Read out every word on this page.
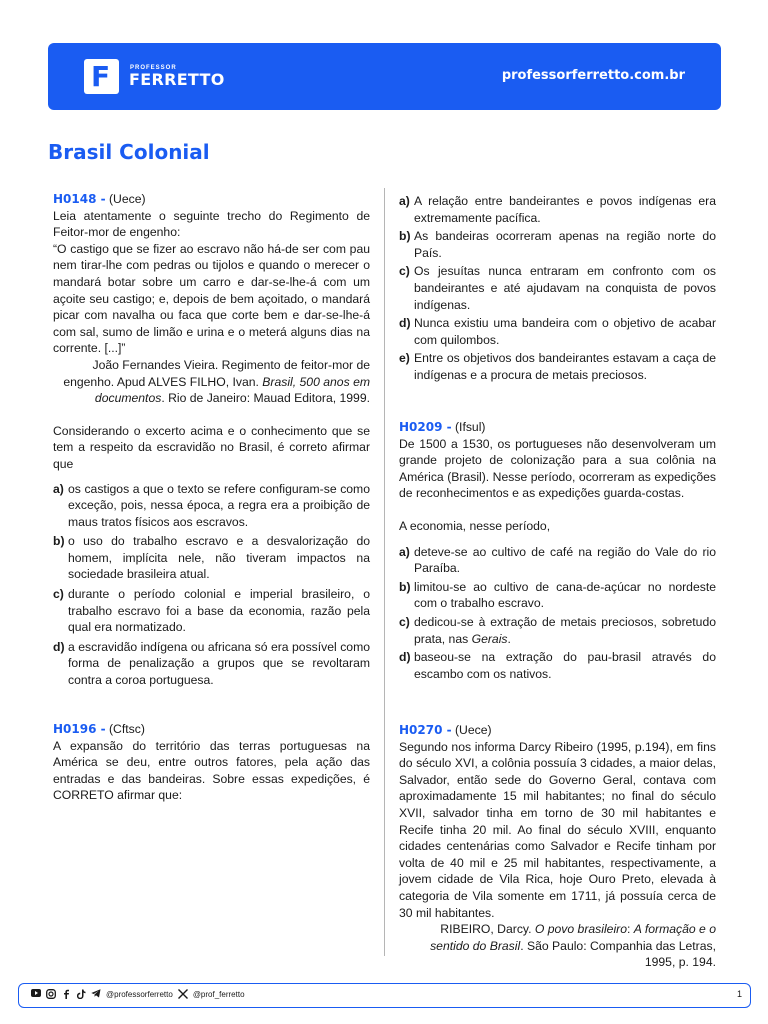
F	PROFESSOR
FERRETTO	professorferretto.com.br
Brasil Colonial

H0148 - (Uece)

Leia atentamente o seguinte trecho do Regimento de Feitor-mor de engenho:

“O castigo que se fizer ao escravo não há-de ser com pau nem tirar-lhe com pedras ou tijolos e quando o merecer o mandará botar sobre um carro e dar-se-lhe-á com um açoite seu castigo; e, depois de bem açoitado, o mandará picar com navalha ou faca que corte bem e dar-se-lhe-á com sal, sumo de limão e urina e o meterá alguns dias na corrente. [...]”

João Fernandes Vieira. Regimento de feitor-mor de engenho. Apud ALVES FILHO, Ivan. Brasil, 500 anos em documentos. Rio de Janeiro: Mauad Editora, 1999.

Considerando o excerto acima e o conhecimento que se tem a respeito da escravidão no Brasil, é correto afirmar que

a) os castigos a que o texto se refere configuram-se como exceção, pois, nessa época, a regra era a proibição de maus tratos físicos aos escravos.
b) o uso do trabalho escravo e a desvalorização do homem, implícita nele, não tiveram impactos na sociedade brasileira atual.
c) durante o período colonial e imperial brasileiro, o trabalho escravo foi a base da economia, razão pela qual era normatizado.
d) a escravidão indígena ou africana só era possível como forma de penalização a grupos que se revoltaram contra a coroa portuguesa.

H0196 - (Cftsc)

A expansão do território das terras portuguesas na América se deu, entre outros fatores, pela ação das entradas e das bandeiras. Sobre essas expedições, é CORRETO afirmar que:

a) A relação entre bandeirantes e povos indígenas era extremamente pacífica.
b) As bandeiras ocorreram apenas na região norte do País.
c) Os jesuítas nunca entraram em confronto com os bandeirantes e até ajudavam na conquista de povos indígenas.
d) Nunca existiu uma bandeira com o objetivo de acabar com quilombos.
e) Entre os objetivos dos bandeirantes estavam a caça de indígenas e a procura de metais preciosos.

H0209 - (Ifsul)

De 1500 a 1530, os portugueses não desenvolveram um grande projeto de colonização para a sua colônia na América (Brasil). Nesse período, ocorreram as expedições de reconhecimentos e as expedições guarda-costas.

A economia, nesse período,

a) deteve-se ao cultivo de café na região do Vale do rio Paraíba.
b) limitou-se ao cultivo de cana-de-açúcar no nordeste com o trabalho escravo.
c) dedicou-se à extração de metais preciosos, sobretudo prata, nas Gerais.
d) baseou-se na extração do pau-brasil através do escambo com os nativos.

H0270 - (Uece)

Segundo nos informa Darcy Ribeiro (1995, p.194), em fins do século XVI, a colônia possuía 3 cidades, a maior delas, Salvador, então sede do Governo Geral, contava com aproximadamente 15 mil habitantes; no final do século XVII, salvador tinha em torno de 30 mil habitantes e Recife tinha 20 mil. Ao final do século XVIII, enquanto cidades centenárias como Salvador e Recife tinham por volta de 40 mil e 25 mil habitantes, respectivamente, a jovem cidade de Vila Rica, hoje Ouro Preto, elevada à categoria de Vila somente em 1711, já possuía cerca de 30 mil habitantes.

RIBEIRO, Darcy. O povo brasileiro: A formação e o sentido do Brasil. São Paulo: Companhia das Letras, 1995, p. 194.

@professorferretto	@prof_ferretto	1
